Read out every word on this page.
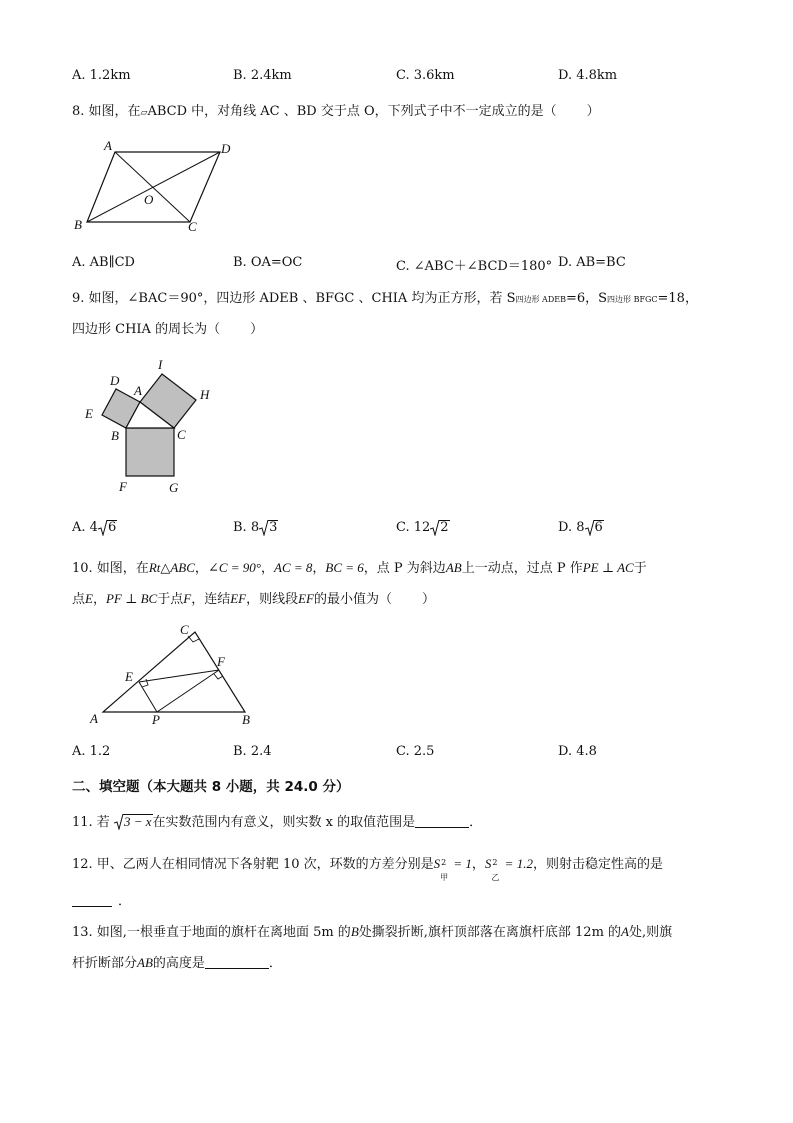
A. 1.2km	B. 2.4km	C. 3.6km	D. 4.8km
8. 如图，在▱ABCD 中，对角线 AC 、BD 交于点 O，下列式子中不一定成立的是（ ）
A	D
O
B	C
A. AB∥CD	B. OA=OC	C. ∠ABC＋∠BCD＝180° D. AB=BC
9. 如图，∠BAC＝90°，四边形 ADEB 、BFGC 、CHIA 均为正方形，若 S四边形 ADEB=6，S四边形 BFGC=18，
四边形 CHIA 的周长为（ ）
I
D
A	H
E
B	C
F	G
A. 4 6	B. 8 3	C. 12 2	D. 8 6
10. 如图，在Rt△ABC，∠C = 90°，AC = 8，BC = 6，点 P 为斜边AB上一动点，过点 P 作PE ⊥ AC于
点E，PF ⊥ BC于点F，连结EF，则线段EF的最小值为（ ）
C
F
E
A	P	B
A. 1.2	B. 2.4	C. 2.5	D. 4.8
二、填空题（本大题共 8 小题，共 24.0 分）
11. 若 3 − x在实数范围内有意义，则实数 x 的取值范围是	．
12. 甲、乙两人在相同情况下各射靶 10 次，环数的方差分别是S 2
甲
= 1，S 2
乙
= 1.2，则射击稳定性高的是
．
13. 如图,一根垂直于地面的旗杆在离地面 5m 的B处撕裂折断,旗杆顶部落在离旗杆底部 12m 的A处,则旗
杆折断部分AB的高度是	．
